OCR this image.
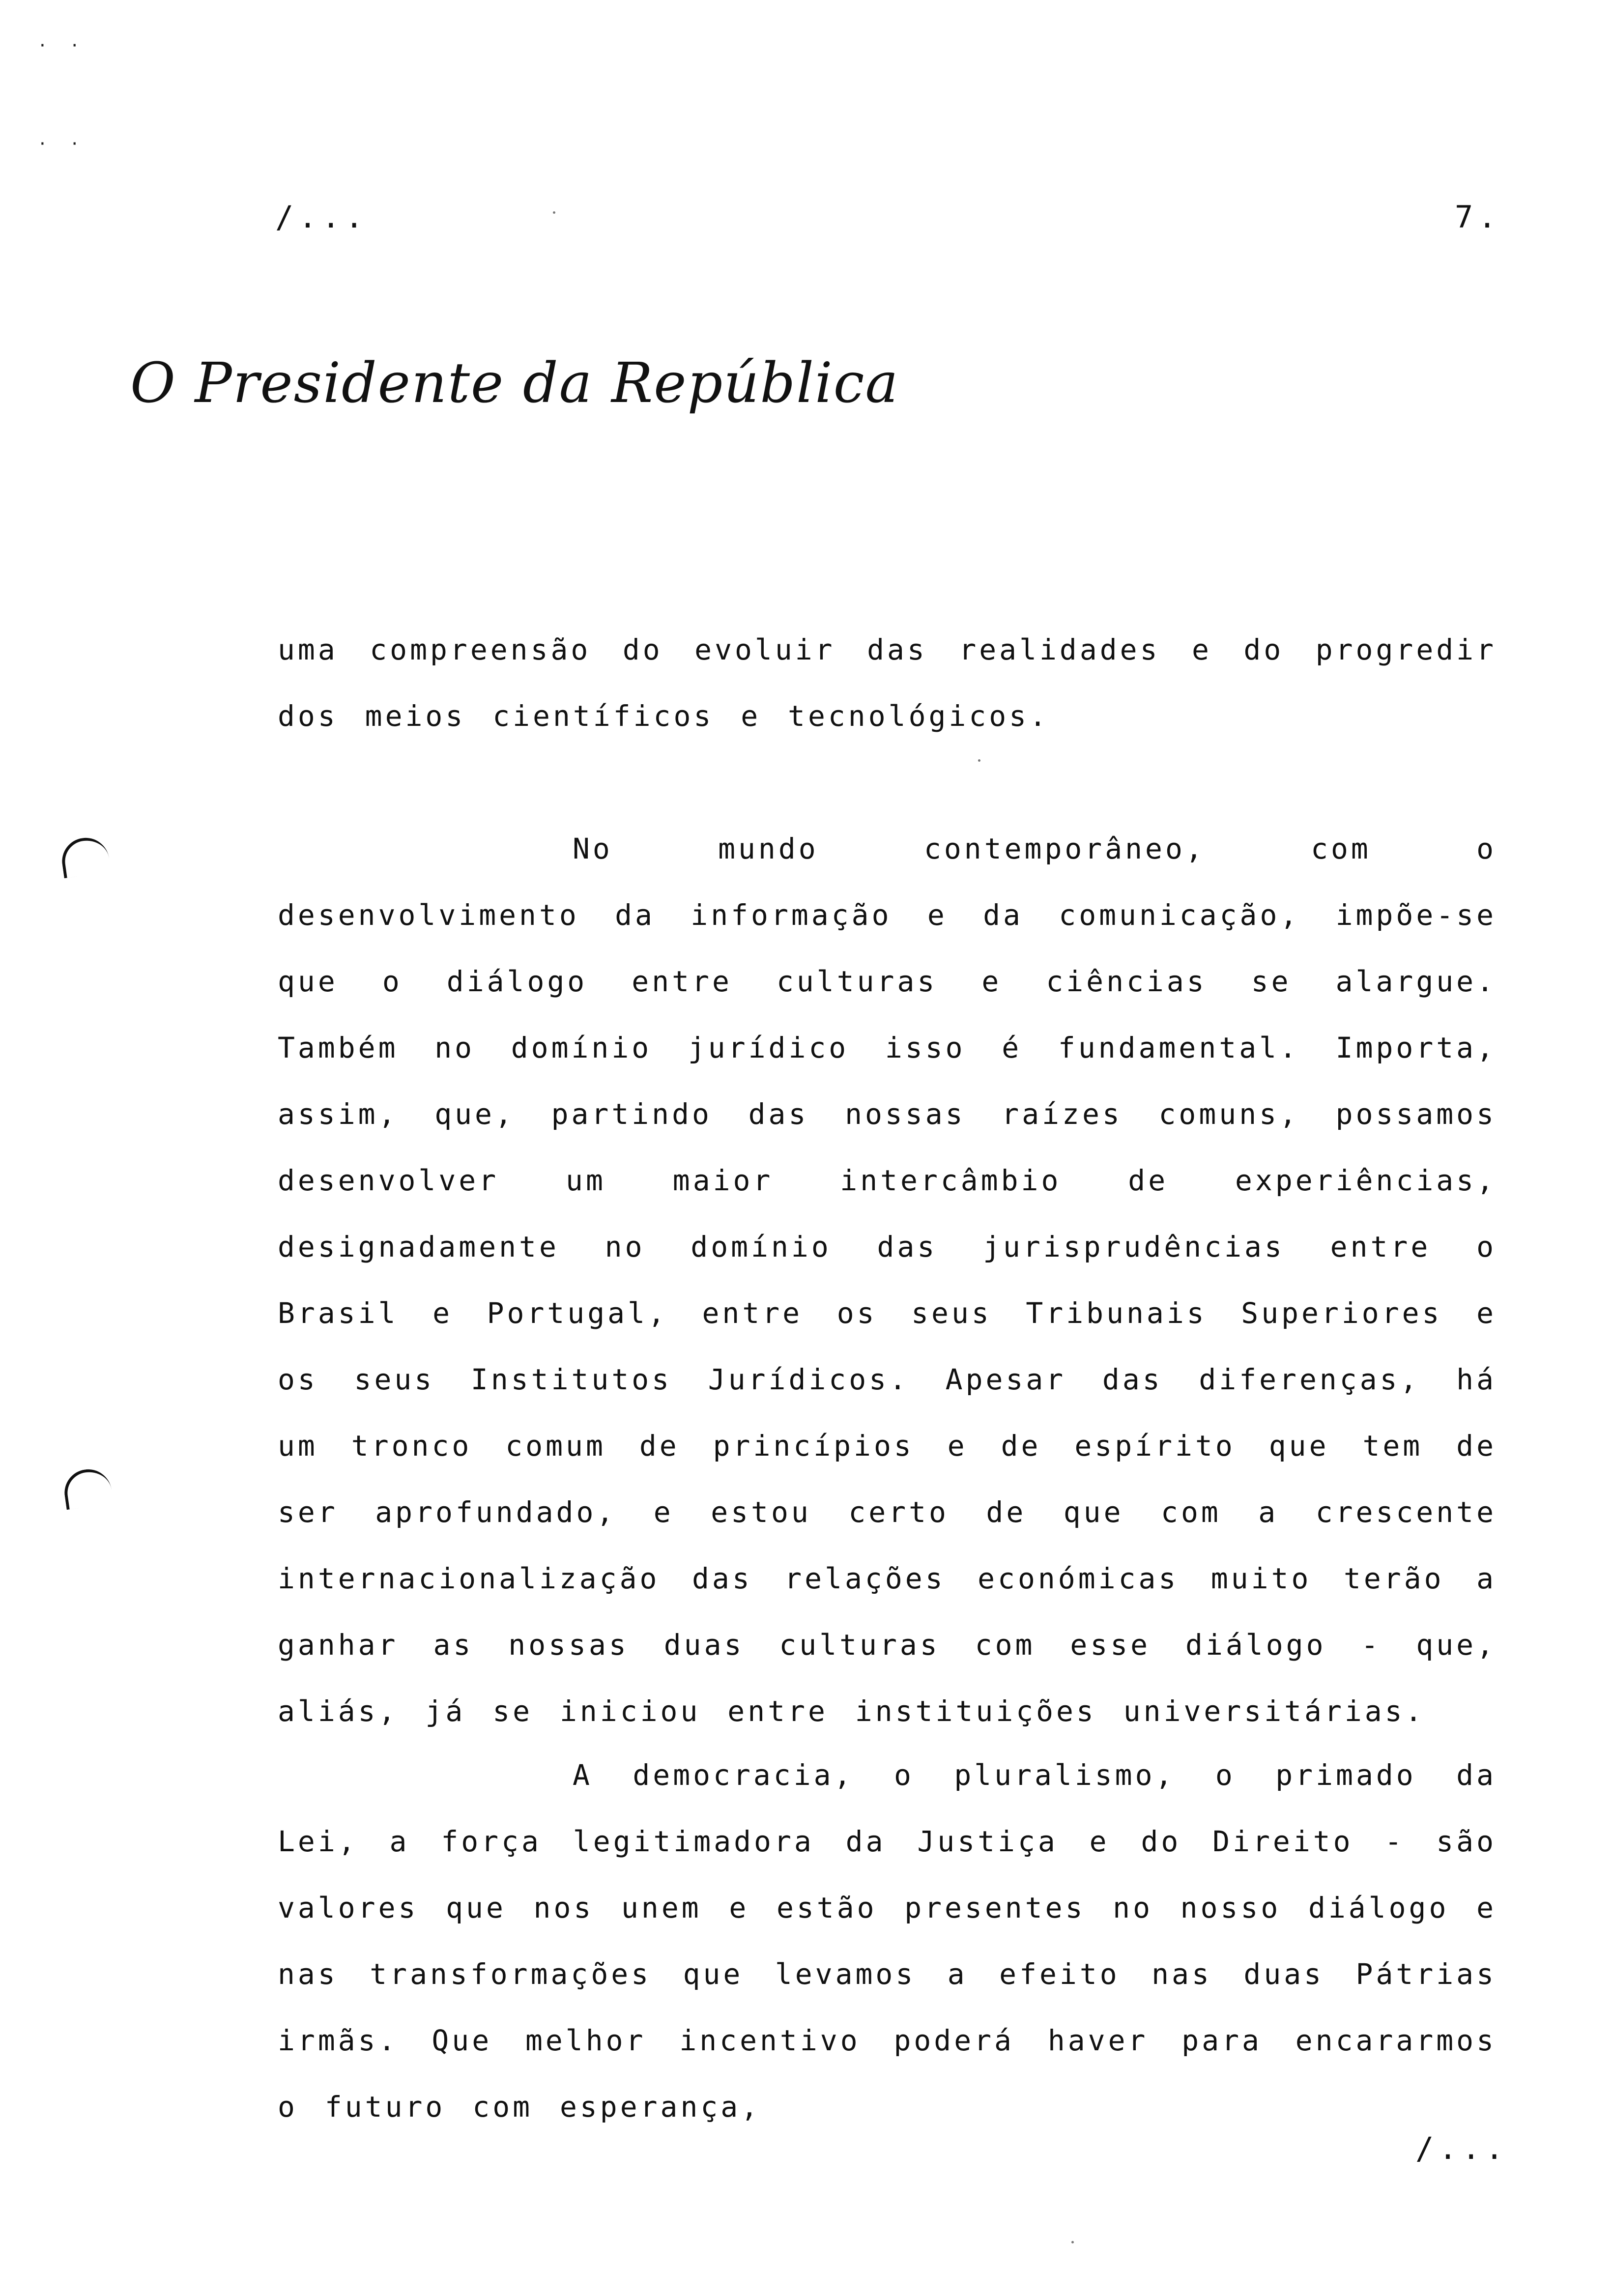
· ·
· ·
/...	7.
O Presidente da República
uma compreensão do evoluir das realidades e do progredir dos meios científicos e tecnológicos.
No mundo contemporâneo, com o desenvolvimento da informação e da comunicação, impõe-se que o diálogo entre culturas e ciências se alargue. Também no domínio jurídico isso é fundamental. Importa, assim, que, partindo das nossas raízes comuns, possamos desenvolver um maior intercâmbio de experiências, designadamente no domínio das jurisprudências entre o Brasil e Portugal, entre os seus Tribunais Superiores e os seus Institutos Jurídicos. Apesar das diferenças, há um tronco comum de princípios e de espírito que tem de ser aprofundado, e estou certo de que com a crescente internacionalização das relações económicas muito terão a ganhar as nossas duas culturas com esse diálogo - que, aliás, já se iniciou entre instituições universitárias.
A democracia, o pluralismo, o primado da Lei, a força legitimadora da Justiça e do Direito - são valores que nos unem e estão presentes no nosso diálogo e nas transformações que levamos a efeito nas duas Pátrias irmãs. Que melhor incentivo poderá haver para encararmos o futuro com esperança,
/...
